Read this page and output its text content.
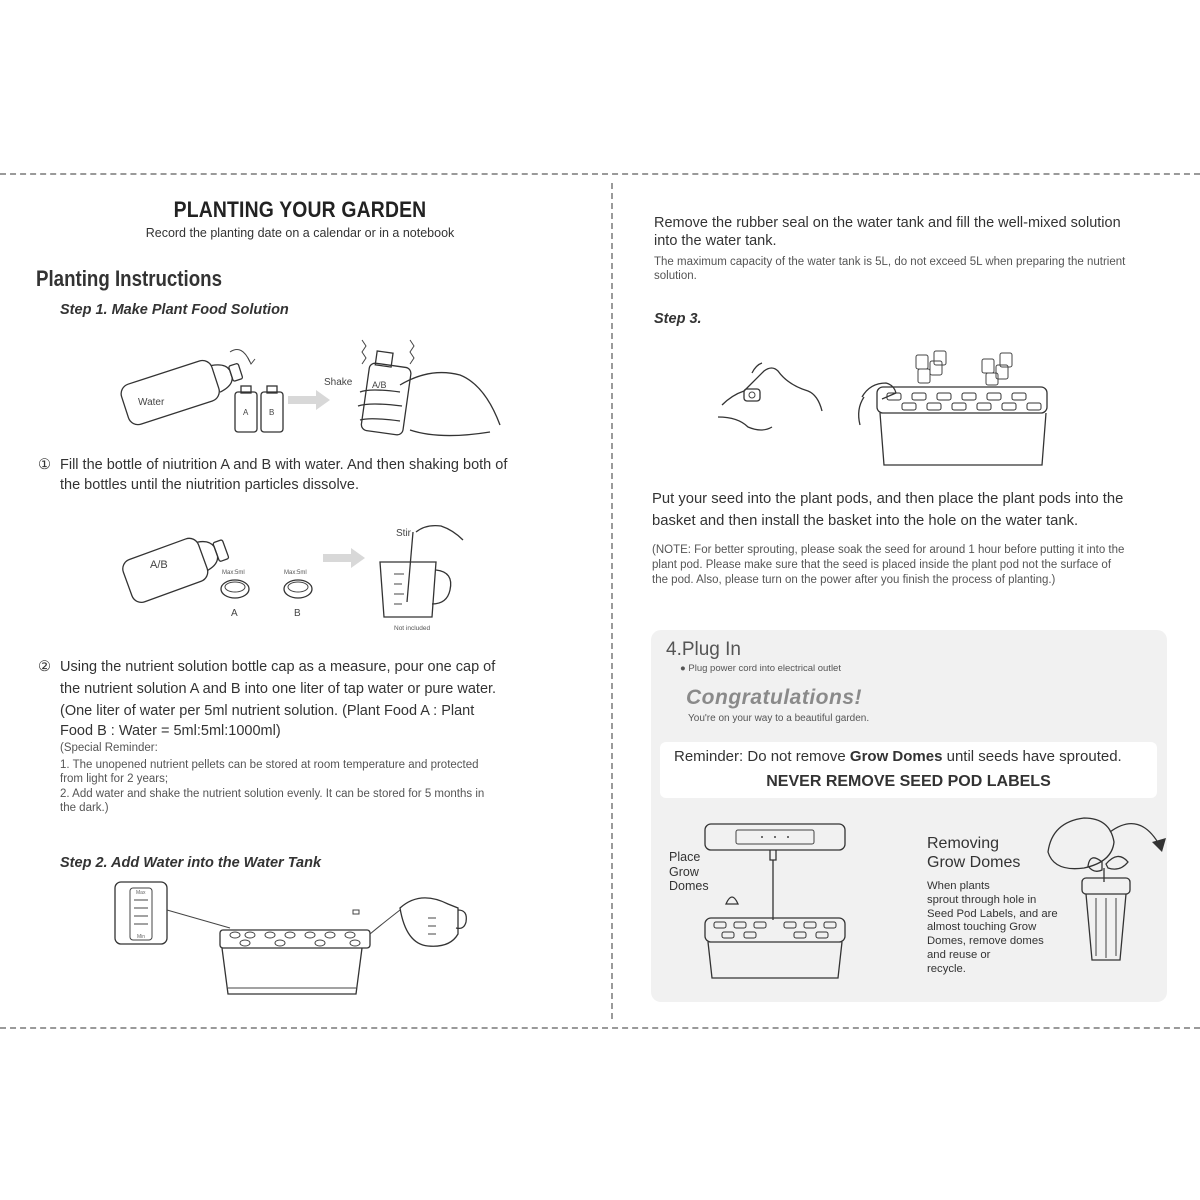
PLANTING YOUR GARDEN
Record the planting date on a calendar or in a notebook
Planting Instructions
Step 1. Make Plant Food Solution
Water
A	B
Shake A/B
① Fill the bottle of niutrition A and B with water. And then shaking both of
the bottles until the niutrition particles dissolve.
A/B
Max:5ml
A
Max:5ml
B
Stir
Not included
② Using the nutrient solution bottle cap as a measure, pour one cap of
the nutrient solution A and B into one liter of tap water or pure water.
(One liter of water per 5ml nutrient solution. (Plant Food A : Plant
Food B : Water = 5ml:5ml:1000ml)
(Special Reminder:
1. The unopened nutrient pellets can be stored at room temperature and protected
from light for 2 years;
2. Add water and shake the nutrient solution evenly. It can be stored for 5 months in
the dark.)
Step 2. Add Water into the Water Tank
Max
Min
Remove the rubber seal on the water tank and fill the well-mixed solution
into the water tank.
The maximum capacity of the water tank is 5L, do not exceed 5L when preparing the nutrient
solution.
Step 3.
Put your seed into the plant pods, and then place the plant pods into the
basket and then install the basket into the hole on the water tank.
(NOTE: For better sprouting, please soak the seed for around 1 hour before putting it into the
plant pod. Please make sure that the seed is placed inside the plant pod not the surface of
the pod. Also, please turn on the power after you finish the process of planting.)
4.Plug In
● Plug power cord into electrical outlet
Congratulations!
You're on your way to a beautiful garden.
Reminder: Do not remove Grow Domes until seeds have sprouted.
NEVER REMOVE SEED POD LABELS
Place
Grow
Domes
Removing
Grow Domes
When plants
sprout through hole in
Seed Pod Labels, and are
almost touching Grow
Domes, remove domes
and reuse or
recycle.
